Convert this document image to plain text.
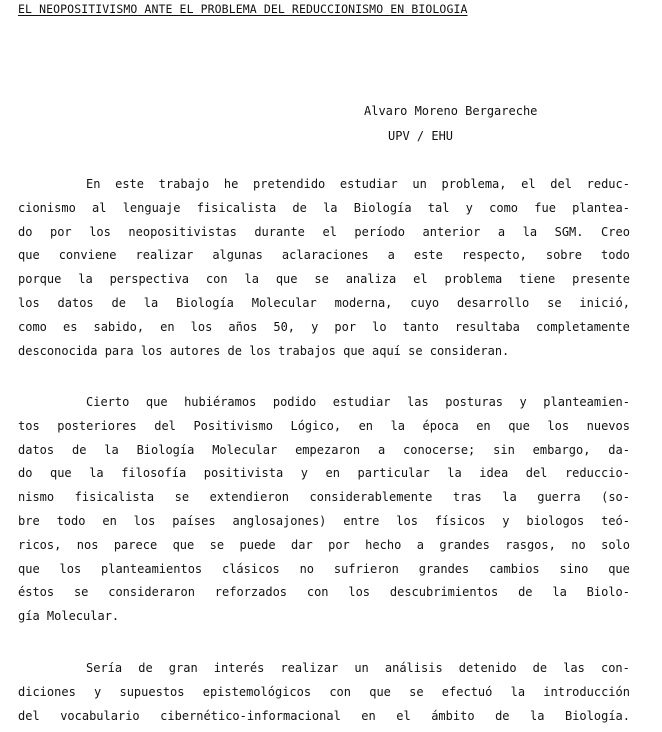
EL NEOPOSITIVISMO ANTE EL PROBLEMA DEL REDUCCIONISMO EN BIOLOGIA
Alvaro Moreno Bergareche
UPV / EHU
En este trabajo he pretendido estudiar un problema, el del reduc-
cionismo al lenguaje fisicalista de la Biología tal y como fue plantea-
do por los neopositivistas durante el período anterior a la SGM. Creo
que conviene realizar algunas aclaraciones a este respecto, sobre todo
porque la perspectiva con la que se analiza el problema tiene presente
los datos de la Biología Molecular moderna, cuyo desarrollo se inició,
como es sabido, en los años 50, y por lo tanto resultaba completamente
desconocida para los autores de los trabajos que aquí se consideran.
Cierto que hubiéramos podido estudiar las posturas y planteamien-
tos posteriores del Positivismo Lógico, en la época en que los nuevos
datos de la Biología Molecular empezaron a conocerse; sin embargo, da-
do que la filosofía positivista y en particular la idea del reduccio-
nismo fisicalista se extendieron considerablemente tras la guerra (so-
bre todo en los países anglosajones) entre los físicos y biologos teó-
ricos, nos parece que se puede dar por hecho a grandes rasgos, no solo
que los planteamientos clásicos no sufrieron grandes cambios sino que
éstos se consideraron reforzados con los descubrimientos de la Biolo-
gía Molecular.
Sería de gran interés realizar un análisis detenido de las con-
diciones y supuestos epistemológicos con que se efectuó la introducción
del vocabulario cibernético-informacional en el ámbito de la Biología.
